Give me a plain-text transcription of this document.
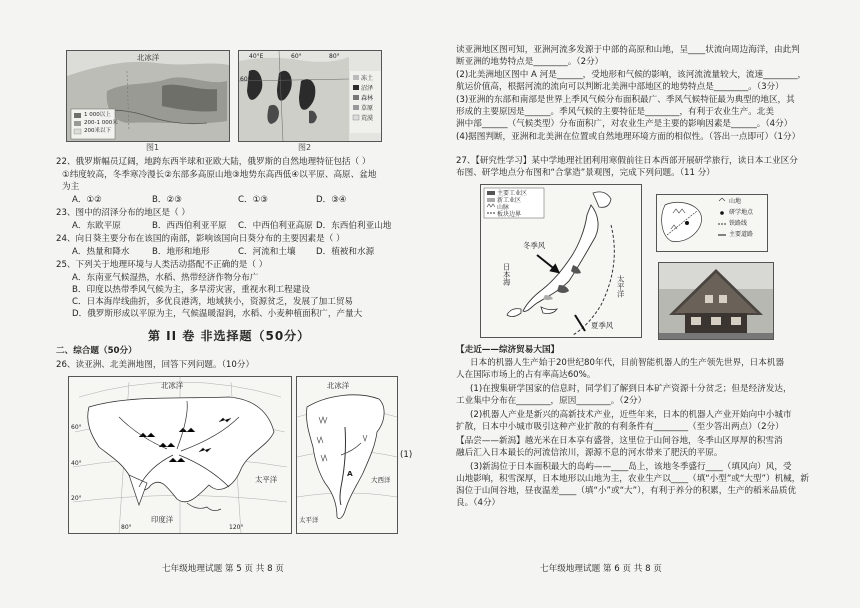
北冰洋
1 000以上
200-1 000米
200米以下
图1
40°E	60°	80°
60°	冻土
沼泽
森林
草原
荒漠
图2
22、俄罗斯幅员辽阔，地跨东西半球和亚欧大陆，俄罗斯的自然地理特征包括（ ）
①纬度较高，冬季寒冷漫长②东部多高原山地③地势东高西低④以平原、高原、盆地
为主
A．①②	B．②③	C．①③	D．③④
23、图中的沼泽分布的地区是（ ）
A．东欧平原	B．西西伯利亚平原 C．中西伯利亚高原 D．东西伯利亚山地
24、向日葵主要分布在该国的南部，影响该国向日葵分布的主要因素是（ ）
A．热量和降水	B．地形和地形	C．河流和土壤 D．植被和水源
25、下列关于地理环境与人类活动搭配不正确的是（ ）
A．东南亚气候湿热，水稻、热带经济作物分布广
B．印度以热带季风气候为主，多旱涝灾害，重视水利工程建设
C．日本海岸线曲折，多优良港湾，地域狭小，资源贫乏，发展了加工贸易
D．俄罗斯形成以平原为主，气候温暖湿润，水稻、小麦种植面积广，产量大
第 II 卷 非选择题（50分）
二、综合题（50分）
26、读亚洲、北美洲地图，回答下列问题。（10分）
北冰洋
太平洋
印度洋
60°
40°
20°
120°
80°
北冰洋
大西洋
太平洋
A
(1)
七年级地理试题 第 5 页 共 8 页
读亚洲地区图可知，亚洲河流多发源于中部的高原和山地，呈____状流向周边海洋，由此判
断亚洲的地势特点是________。（2分）
(2)北美洲地区图中 A 河是______，受地形和气候的影响，该河流流量较大，流速________，
航运价值高，根据河流的流向可以判断北美洲中部地区的地势特点是________。（3分）
(3)亚洲的东部和南部是世界上季风气候分布面积最广、季风气候特征最为典型的地区，其
形成的主要原因是______。季风气候的主要特征是________，有利于农业生产。北美
洲中部______（气候类型）分布面积广，对农业生产是主要的影响因素是______。（4分）
(4)据图判断，亚洲和北美洲在位置或自然地理环境方面的相似性。（答出一点即可）（1分）
27、【研究性学习】某中学地理社团利用寒假前往日本西部开展研学旅行，读日本工业区分
布图、研学地点分布图和“合掌造”景观图，完成下列问题。（11 分）
主要工业区
新工业区
山脉
板块边界
冬季风
日本海
太平洋
夏季风
山地
研学地点
铁路线
主要道路
【走近——综济贸易大国】
日本的机器人生产始于20世纪80年代，目前智能机器人的生产领先世界，日本机器
人在国际市场上的占有率高达60%。
(1)在搜集研学国家的信息时，同学们了解到日本矿产资源十分贫乏；但是经济发达，
工业集中分布在________，原因________。（2分）
(2)机器人产业是新兴的高新技术产业，近些年来，日本的机器人产业开始向中小城市
扩散，日本中小城市吸引这种产业扩散的有利条件有________（至少答出两点）（2分）
【品尝——新潟】越光米在日本享有盛誉，这里位于山间谷地，冬季山区厚厚的积雪消
融后汇入日本最长的河流信浓川，源源不息的河水带来了肥沃的平原。
(3)新潟位于日本面积最大的岛屿——____岛上，该地冬季盛行____（填风向）风，受
山地影响，积雪深厚，日本地形以山地为主，农业生产以____（填“小型”或“大型”）机械，新
潟位于山间谷地，昼夜温差____（填“小”或“大”），有利于养分的积累，生产的稻米品质优
良。（4分）
七年级地理试题 第 6 页 共 8 页
